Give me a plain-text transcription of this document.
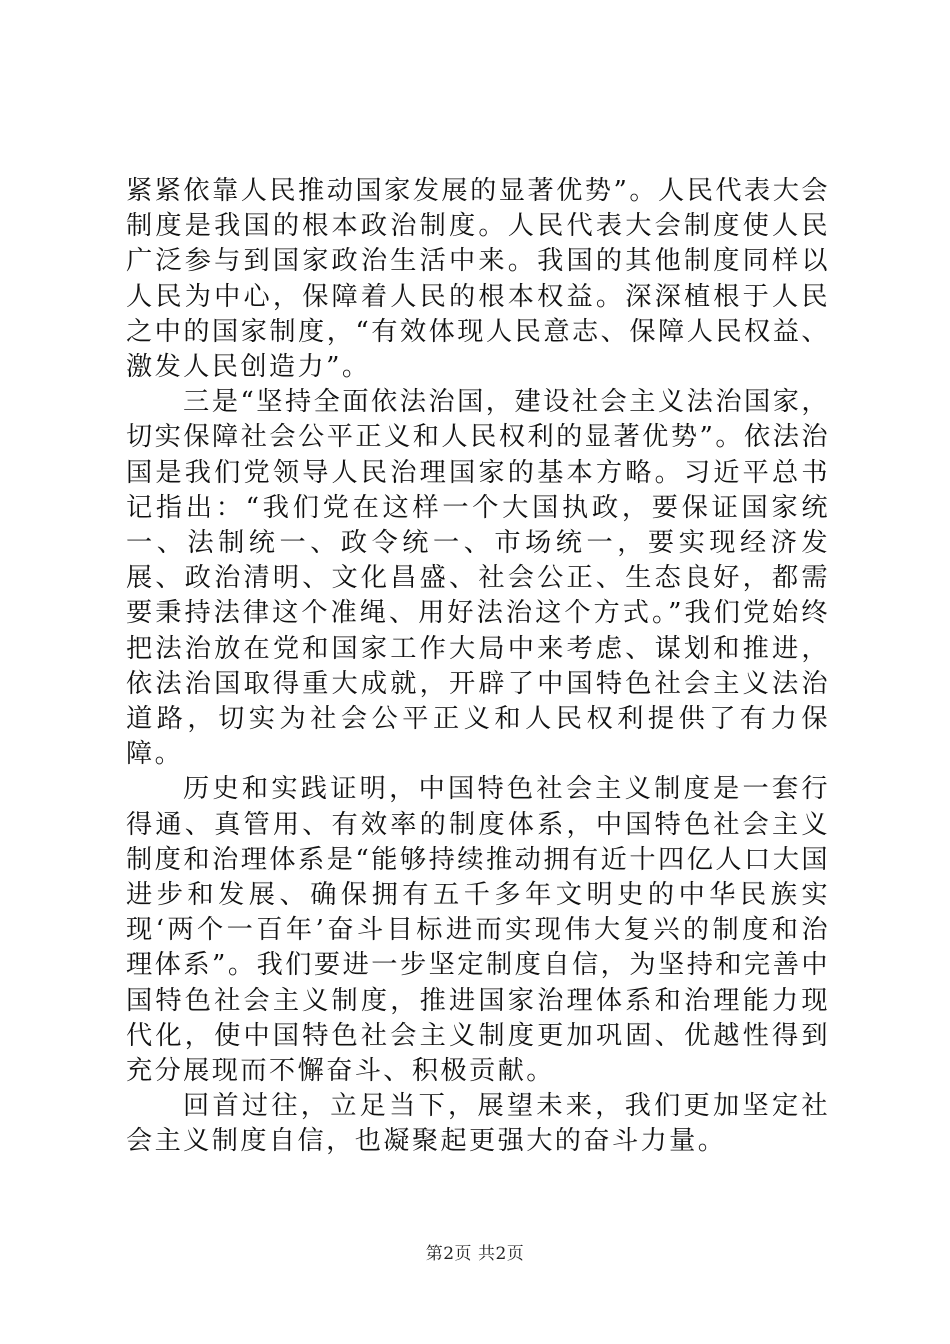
紧紧依靠人民推动国家发展的显著优势”。人民代表大会制度是我国的根本政治制度。人民代表大会制度使人民广泛参与到国家政治生活中来。我国的其他制度同样以人民为中心，保障着人民的根本权益。深深植根于人民之中的国家制度，“有效体现人民意志、保障人民权益、激发人民创造力”。

三是“坚持全面依法治国，建设社会主义法治国家，切实保障社会公平正义和人民权利的显著优势”。依法治国是我们党领导人民治理国家的基本方略。习近平总书记指出：“我们党在这样一个大国执政，要保证国家统一、法制统一、政令统一、市场统一，要实现经济发展、政治清明、文化昌盛、社会公正、生态良好，都需要秉持法律这个准绳、用好法治这个方式。”我们党始终把法治放在党和国家工作大局中来考虑、谋划和推进，依法治国取得重大成就，开辟了中国特色社会主义法治道路，切实为社会公平正义和人民权利提供了有力保障。

历史和实践证明，中国特色社会主义制度是一套行得通、真管用、有效率的制度体系，中国特色社会主义制度和治理体系是“能够持续推动拥有近十四亿人口大国进步和发展、确保拥有五千多年文明史的中华民族实现‘两个一百年’奋斗目标进而实现伟大复兴的制度和治理体系”。我们要进一步坚定制度自信，为坚持和完善中国特色社会主义制度，推进国家治理体系和治理能力现代化，使中国特色社会主义制度更加巩固、优越性得到充分展现而不懈奋斗、积极贡献。

回首过往，立足当下，展望未来，我们更加坚定社会主义制度自信，也凝聚起更强大的奋斗力量。

第2页 共2页
